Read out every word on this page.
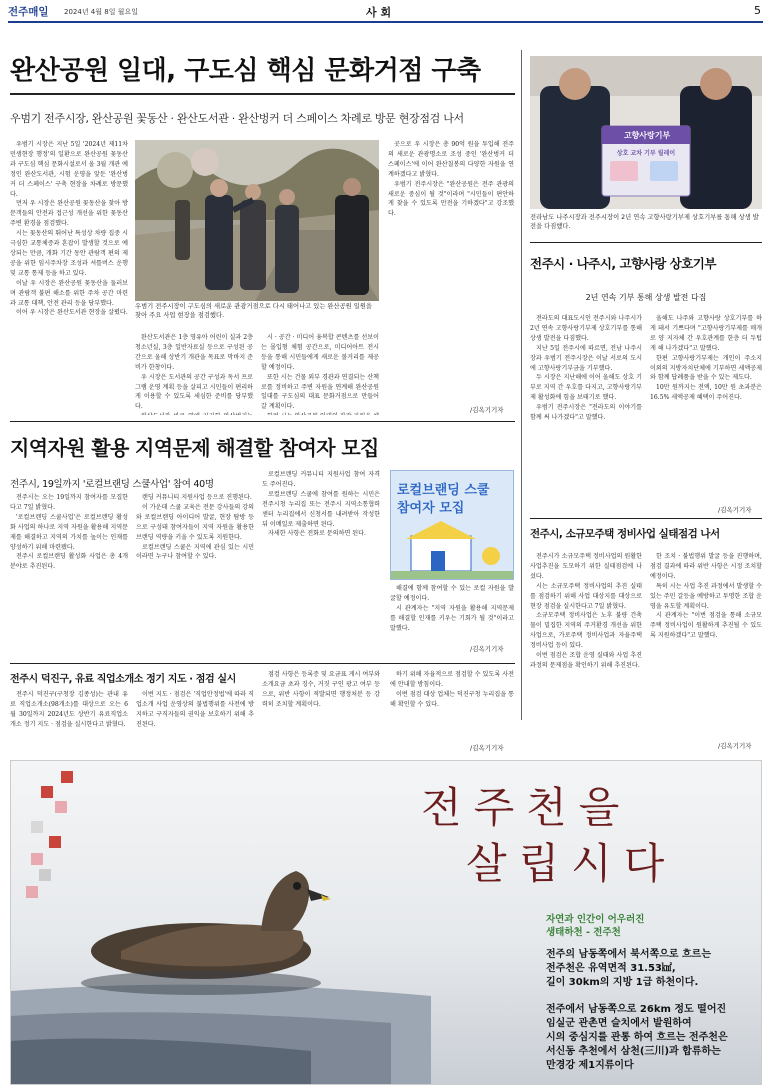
전주매일 2024년 4월 8일 월요일	사 회	5
완산공원 일대, 구도심 핵심 문화거점 구축
우범기 전주시장, 완산공원 꽃동산 · 완산도서관 · 완산벙커 더 스페이스 차례로 방문 현장점검 나서

우범기 시장은 지난 5일 '2024년 제11차 민생현장 행정'의 일환으로 완산공원 꽃동산과 구도심 핵심 문화시설로서 올 3월 개관 예정인 완산도서관, 시험 운영을 앞둔 '완산벙커 더 스페이스' 구축 현장을 차례로 방문했다.

먼저 우 시장은 완산공원 꽃동산을 찾아 방문객들의 안전과 접근성 개선을 위한 꽃동산 주변 환경을 점검했다.

시는 꽃동산의 뛰어난 특성상 차량 집중 시 극심한 교통체증과 혼잡이 발생할 것으로 예상되는 만큼, 개화 기간 동안 관람객 편의 제공을 위한 임시주차장 조성과 셔틀버스 운행 및 교통 통제 등을 하고 있다.

이날 우 시장은 완산공원 꽃동산을 둘러보며 관람객 불편 해소를 위한 주차 공간 마련과 교통 대책, 안전 관리 등을 당부했다.

이어 우 시장은 완산도서관 현장을 살폈다.

우범기 전주시장이 구도심의 새로운 관광거점으로 다시 태어나고 있는 완산공원 일원을 찾아 주요 사업 현장을 점검했다.

완산도서관은 1층 영유아 어린이 실과 2층 청소년실, 3층 일반자료실 등으로 구성된 공간으로 올해 상반기 개관을 목표로 막바지 준비가 한창이다.

우 시장은 도서관의 공간 구성과 독서 프로그램 운영 계획 등을 살피고 시민들이 편리하게 이용할 수 있도록 세심한 준비를 당부했다.

시 · 공간 · 미디어 융복합 콘텐츠를 선보이는 몰입형 체험 공간으로, 미디어아트 전시 등을 통해 시민들에게 새로운 볼거리를 제공할 예정이다.

또한 시는 건물 외부 경관과 연결되는 산책로를 정비하고 주변 자원을 연계해 완산공원 일대를 구도심의 대표 문화거점으로 만들어갈 계획이다.

곳으로 우 시장은 총 90억 원을 투입해 전주의 새로운 관광명소로 조성 중인 '완산벙커 더 스페이스'에 이어 완산칠봉의 다양한 자원을 연계하겠다고 밝혔다.

우범기 전주시장은 "완산공원은 전주 관광의 새로운 중심이 될 것"이라며 "시민들이 편안하게 찾을 수 있도록 만전을 기하겠다"고 강조했다.

/김옥기기자
지역자원 활용 지역문제 해결할 참여자 모집
전주시, 19일까지 '로컬브랜딩 스쿨사업' 참여 40명

전주시는 오는 19일까지 참여자를 모집한다고 7일 밝혔다.

'로컬브랜딩 스쿨사업'은 로컬브랜딩 활성화 사업의 하나로 지역 자원을 활용해 지역문제를 해결하고 지역의 가치를 높이는 인재를 양성하기 위해 마련됐다.

전주시 로컬브랜딩 활성화 사업은 총 4개 분야로 추진된다.

랜딩 커뮤니티 지원사업 등으로 진행된다.

이 가운데 스쿨 교육은 전문 강사들의 강의와 로컬브랜딩 아이디어 발굴, 현장 탐방 등으로 구성돼 참여자들이 지역 자원을 활용한 브랜딩 역량을 키울 수 있도록 지원한다.

로컬브랜딩 스쿨은 지역에 관심 있는 시민이라면 누구나 참여할 수 있다.

로컬브랜딩 커뮤니티 지원사업 참여 자격도 주어진다.

로컬브랜딩 스쿨에 참여를 원하는 시민은 전주시청 누리집 또는 전주시 지역소통협력센터 누리집에서 신청서를 내려받아 작성한 뒤 이메일로 제출하면 된다.

자세한 사항은 전화로 문의하면 된다.

로컬브랜딩 스쿨
참여자 모집

해결에 함께 참여할 수 있는 로컬 자원을 발굴할 예정이다.

시 관계자는 "지역 자원을 활용해 지역문제를 해결할 인재를 키우는 기회가 될 것"이라고 말했다.

/김옥기기자
전주시 덕진구, 유료 직업소개소 정기 지도 · 점검 실시

전주시 덕진구(구청장 김종성)는 관내 유료 직업소개소(98개소)를 대상으로 오는 6월 30일까지 2024년도 상반기 유료직업소개소 정기 지도 · 점검을 실시한다고 밝혔다.

이번 지도 · 점검은 '직업안정법'에 따라 직업소개 사업 운영상의 불법행위를 사전에 방지하고 구직자들의 권익을 보호하기 위해 추진된다.

점검 사항은 등록증 및 요금표 게시 여부와 소개요금 초과 징수, 거짓 구인 광고 여부 등으로, 위반 사항이 적발되면 행정처분 등 강력히 조치할 계획이다.

하기 위해 자율적으로 점검할 수 있도록 사전에 안내할 방침이다.

이번 점검 대상 업체는 덕진구청 누리집을 통해 확인할 수 있다.

/김옥기기자
고향사랑기부
상호 교차 기부 릴레이
전라남도 나주시장과 전주시장이 2년 연속 고향사랑기부제 상호기부를 통해 상생 발전을 다짐했다.
전주시 · 나주시, 고향사랑 상호기부
2년 연속 기부 통해 상생 발전 다짐

전라도의 대표도시인 전주시와 나주시가 2년 연속 고향사랑기부제 상호기부를 통해 상생 발전을 다짐했다.

지난 5일 전주시에 따르면, 전남 나주시장과 우범기 전주시장은 이날 서로의 도시에 고향사랑기부금을 기부했다.

두 시장은 지난해에 이어 올해도 상호 기부로 지역 간 우호를 다지고, 고향사랑기부제 활성화에 힘을 보태기로 했다.

우범기 전주시장은 "전라도의 이야기를 함께 써 나가겠다"고 말했다.

올해도 나주와 고향사랑 상호기부를 하게 돼서 기쁘다며 "고향사랑기부제를 매개로 양 지자체 간 우호관계를 한층 더 두텁게 해 나가겠다"고 말했다.

한편 고향사랑기부제는 개인이 주소지 이외의 지방자치단체에 기부하면 세액공제와 함께 답례품을 받을 수 있는 제도다.

10만 원까지는 전액, 10만 원 초과분은 16.5% 세액공제 혜택이 주어진다.

/김옥기기자
전주시, 소규모주택 정비사업 실태점검 나서

전주시가 소규모주택 정비사업의 원활한 사업추진을 도모하기 위한 실태점검에 나섰다.

시는 소규모주택 정비사업의 추진 실태를 점검하기 위해 사업 대상지를 대상으로 현장 점검을 실시한다고 7일 밝혔다.

소규모주택 정비사업은 노후 불량 건축물이 밀집한 지역의 주거환경 개선을 위한 사업으로, 가로주택 정비사업과 자율주택 정비사업 등이 있다.

이번 점검은 조합 운영 실태와 사업 추진 과정의 문제점을 확인하기 위해 추진된다.

한 조치 · 불법행위 발굴 등을 진행하며, 점검 결과에 따라 위반 사항은 시정 조치할 예정이다.

특히 시는 사업 추진 과정에서 발생할 수 있는 주민 갈등을 예방하고 투명한 조합 운영을 유도할 계획이다.

시 관계자는 "이번 점검을 통해 소규모주택 정비사업이 원활하게 추진될 수 있도록 지원하겠다"고 말했다.

/김옥기기자
전주천을
살립시다
자연과 인간이 어우러진
생태하천 - 전주천
전주의 남동쪽에서 북서쪽으로 흐르는
전주천은 유역면적 31.53㎢,
길이 30km의 지방 1급 하천이다.
전주에서 남동쪽으로 26km 정도 떨어진
임실군 관촌면 슬치에서 발원하여
시의 중심지를 관통 하여 흐르는 전주천은
서신동 추천에서 삼천(三川)과 합류하는
만경강 제1지류이다
